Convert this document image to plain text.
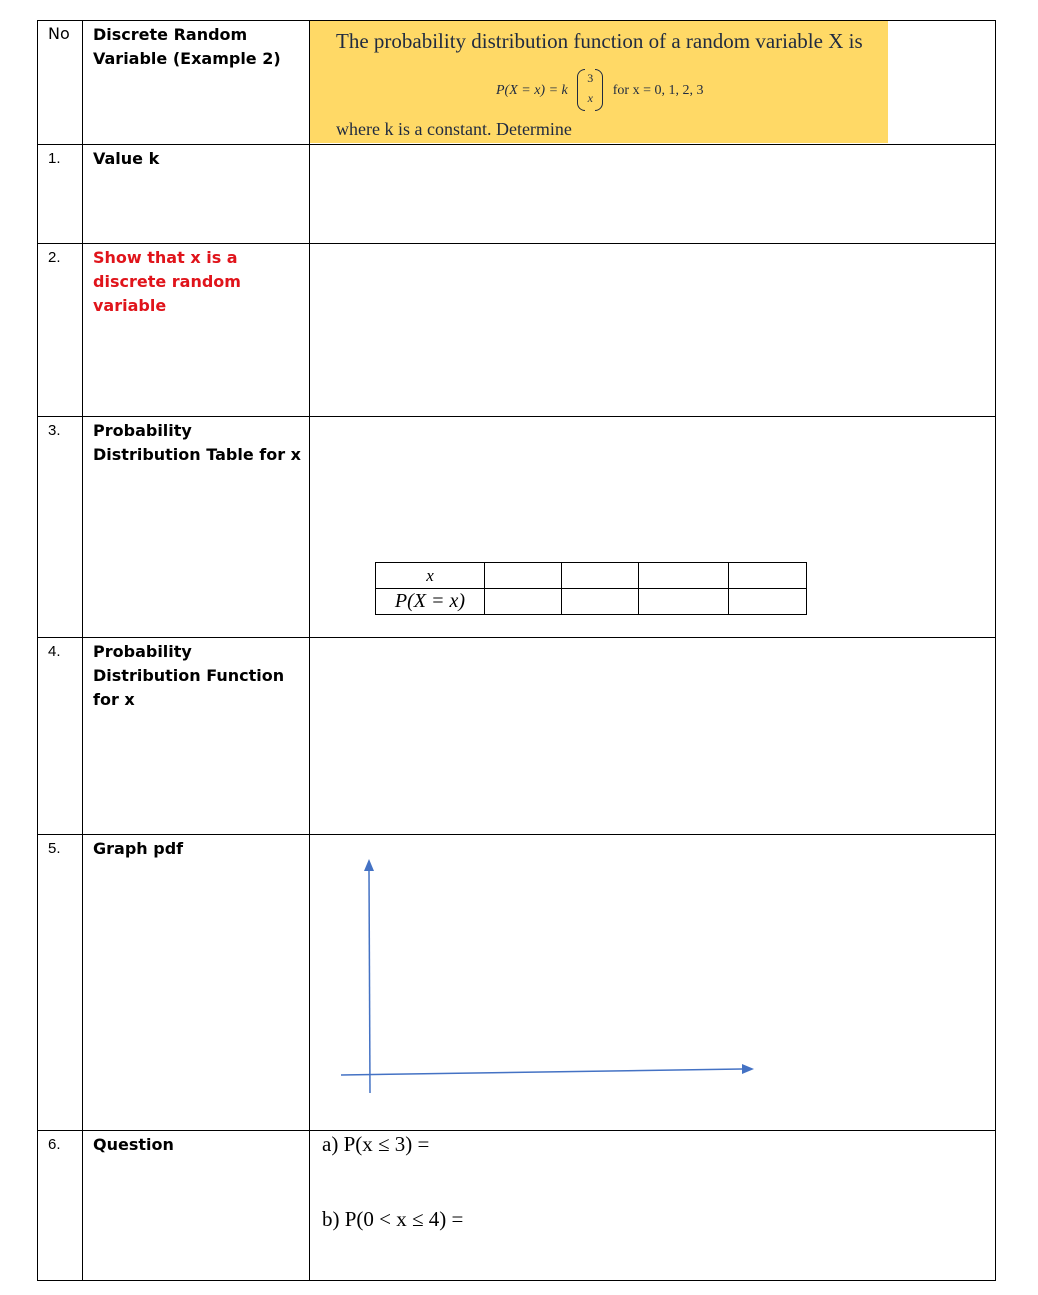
No	Discrete Random Variable (Example 2)	
The probability distribution function of a random variable X is
P(X = x) = k
3
x	for x = 0, 1, 2, 3
where k is a constant. Determine

1.	Value k	
2.	Show that x is a discrete random variable	
3.	Probability Distribution Table for x	
x				
P(X = x)				

4.	Probability Distribution Function for x	
5.	Graph pdf	

6.	Question	a) P(x ≤ 3) =
b) P(0 < x ≤ 4) =
